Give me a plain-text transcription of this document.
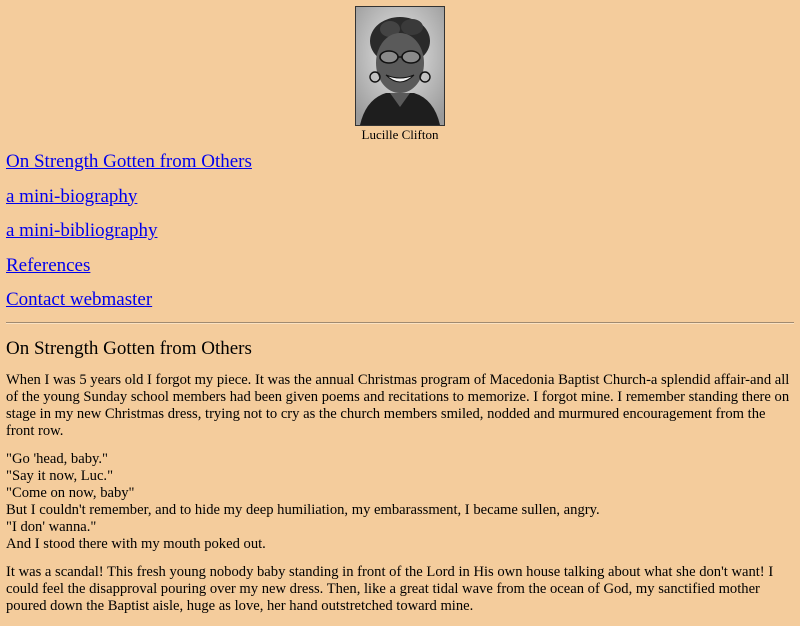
Lucille Clifton
On Strength Gotten from Others
a mini-biography
a mini-bibliography
References
Contact webmaster
On Strength Gotten from Others

When I was 5 years old I forgot my piece. It was the annual Christmas program of Macedonia Baptist Church-a splendid affair-and all of the young Sunday school members had been given poems and recitations to memorize. I forgot mine. I remember standing there on stage in my new Christmas dress, trying not to cry as the church members smiled, nodded and murmured encouragement from the front row.

"Go 'head, baby."
"Say it now, Luc."
"Come on now, baby"
But I couldn't remember, and to hide my deep humiliation, my embarassment, I became sullen, angry.
"I don' wanna."
And I stood there with my mouth poked out.

It was a scandal! This fresh young nobody baby standing in front of the Lord in His own house talking about what she don't want! I could feel the disapproval pouring over my new dress. Then, like a great tidal wave from the ocean of God, my sanctified mother poured down the Baptist aisle, huge as love, her hand outstretched toward mine.
